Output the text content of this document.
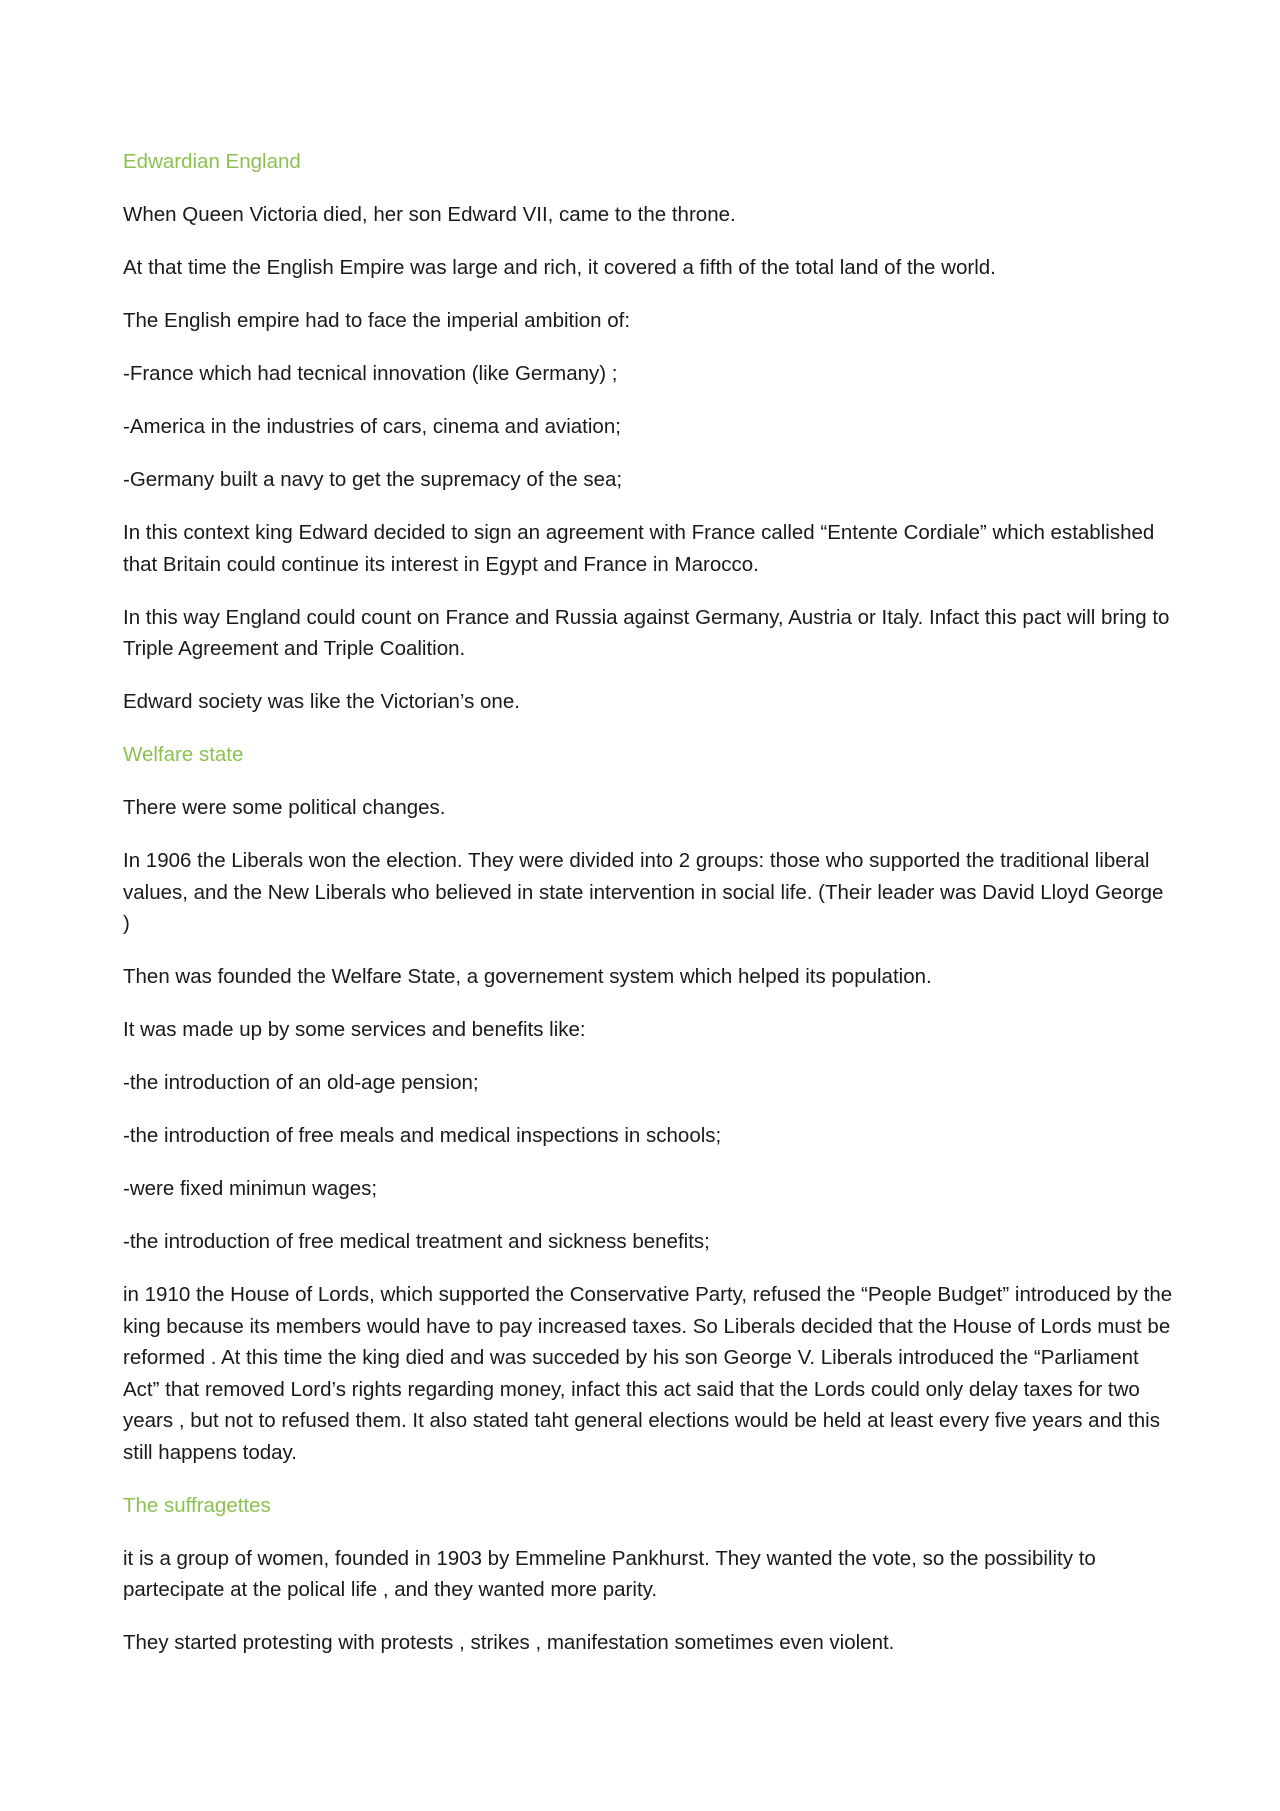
Edwardian England

When Queen Victoria died, her son Edward VII, came to the throne.

At that time the English Empire was large and rich, it covered a fifth of the total land of the world.

The English empire had to face the imperial ambition of:

-France which had tecnical innovation (like Germany) ;

-America in the industries of cars, cinema and aviation;

-Germany built a navy to get the supremacy of the sea;

In this context king Edward decided to sign an agreement with France called “Entente Cordiale” which established that Britain could continue its interest in Egypt and France in Marocco.

In this way England could count on France and Russia against Germany, Austria or Italy. Infact this pact will bring to Triple Agreement and Triple Coalition.

Edward society was like the Victorian’s one.

Welfare state

There were some political changes.

In 1906 the Liberals won the election. They were divided into 2 groups: those who supported the traditional liberal values, and the New Liberals who believed in state intervention in social life. (Their leader was David Lloyd George )

Then was founded the Welfare State, a governement system which helped its population.

It was made up by some services and benefits like:

-the introduction of an old-age pension;

-the introduction of free meals and medical inspections in schools;

-were fixed minimun wages;

-the introduction of free medical treatment and sickness benefits;

in 1910 the House of Lords, which supported the Conservative Party, refused the “People Budget” introduced by the king because its members would have to pay increased taxes. So Liberals decided that the House of Lords must be reformed . At this time the king died and was succeded by his son George V. Liberals introduced the “Parliament Act” that removed Lord’s rights regarding money, infact this act said that the Lords could only delay taxes for two years , but not to refused them. It also stated taht general elections would be held at least every five years and this still happens today.

The suffragettes

it is a group of women, founded in 1903 by Emmeline Pankhurst. They wanted the vote, so the possibility to partecipate at the polical life , and they wanted more parity.

They started protesting with protests , strikes , manifestation sometimes even violent.
